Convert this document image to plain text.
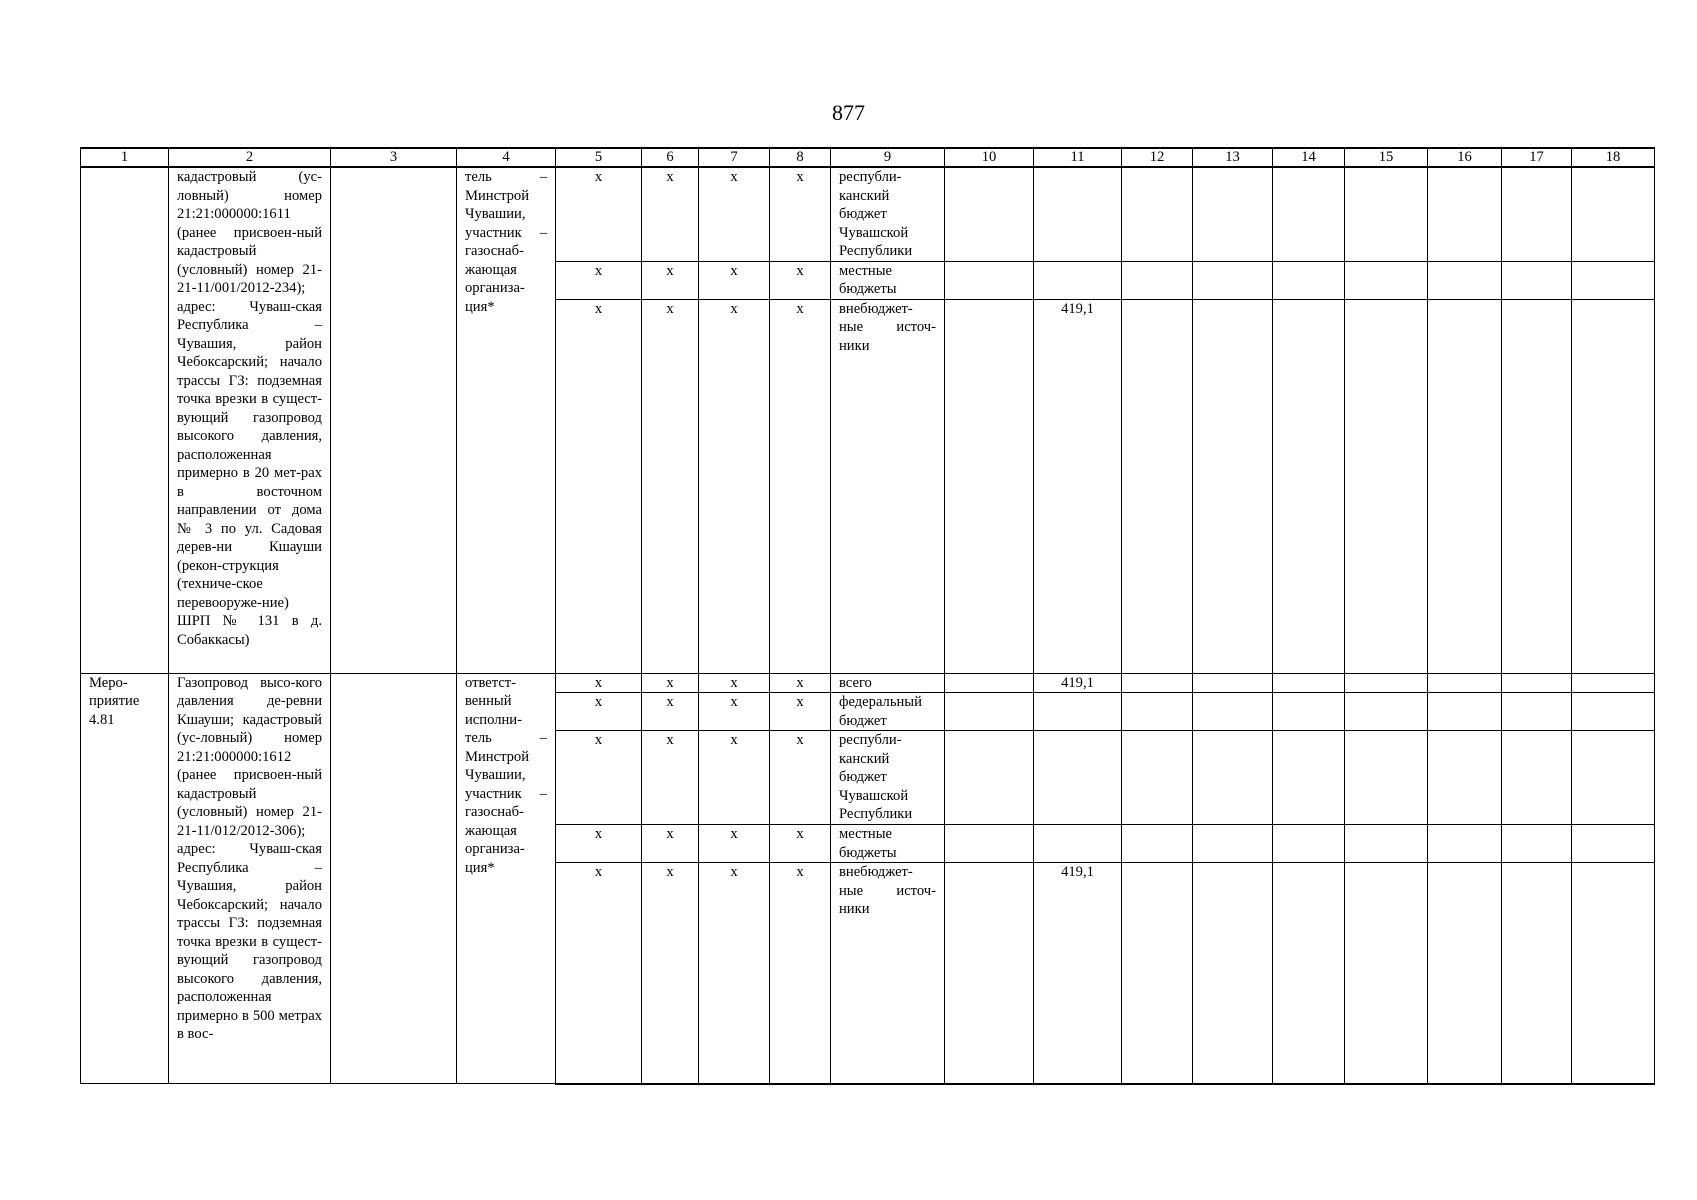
877
1	2	3	4	5	6	7	8	9	10	11	12	13	14	15	16	17	18
	кадастровый (ус-ловный) номер 21:21:000000:1611 (ранее присвоен-ный кадастровый (условный) номер 21-21-11/001/2012-234); адрес: Чуваш-ская Республика – Чувашия, район Чебоксарский; начало трассы ГЗ: подземная точка врезки в сущест-вующий газопровод высокого давления, расположенная примерно в 20 мет-рах в восточном направлении от дома № 3 по ул. Садовая дерев-ни Кшауши (рекон-струкция (техниче-ское перевооруже-ние) ШРП № 131 в д. Собаккасы)		тель – Минстрой Чувашии, участник – газоснаб-жающая организа-ция*	х	х	х	х	республи-канский бюджет Чувашской Республики									
				х	х	х	х	местные бюджеты									
				х	х	х	х	внебюджет-ные источ-ники		419,1							
Меро-приятие 4.81	Газопровод высо-кого давления де-ревни Кшауши; кадастровый (ус-ловный) номер 21:21:000000:1612 (ранее присвоен-ный кадастровый (условный) номер 21-21-11/012/2012-306); адрес: Чуваш-ская Республика – Чувашия, район Чебоксарский; начало трассы ГЗ: подземная точка врезки в сущест-вующий газопровод высокого давления, расположенная примерно в 500 метрах в вос-		ответст-венный исполни-тель – Минстрой Чувашии, участник – газоснаб-жающая организа-ция*	х	х	х	х	всего		419,1							
				х	х	х	х	федеральный бюджет									
				х	х	х	х	республи-канский бюджет Чувашской Республики									
				х	х	х	х	местные бюджеты									
				х	х	х	х	внебюджет-ные источ-ники		419,1							
